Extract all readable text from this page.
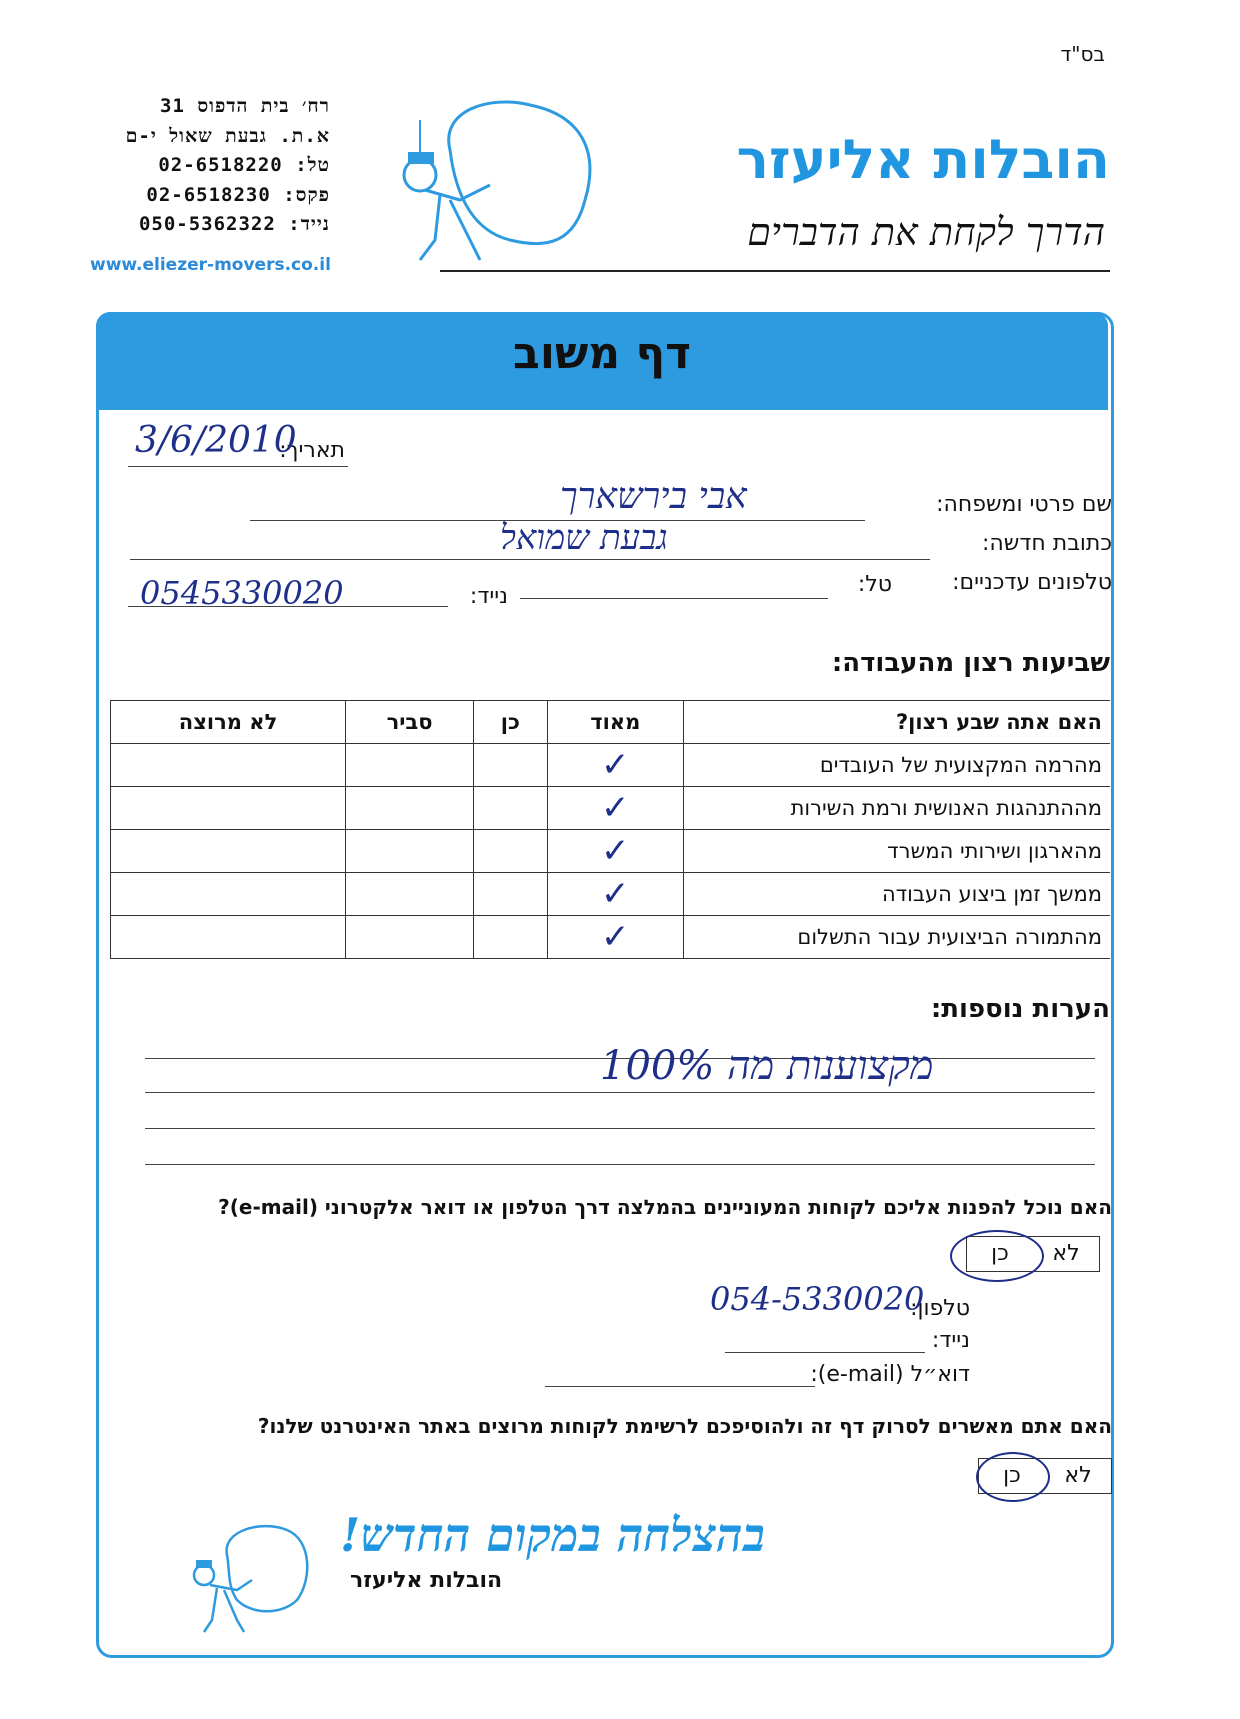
בס"ד
רח׳ בית הדפוס 31
א.ת. גבעת שאול י-ם
טל: 02-6518220
פקס: 02-6518230
נייד: 050-5362322
www.eliezer-movers.co.il
הובלות אליעזר
הדרך לקחת את הדברים
דף משוב
תאריך:
3/6/2010
שם פרטי ומשפחה:
אבי בירשארך
כתובת חדשה:
גבעת שמואל
טלפונים עדכניים:
טל:
נייד:
0545330020
שביעות רצון מהעבודה:
האם אתה שבע רצון?	מאוד	כן	סביר	לא מרוצה
מהרמה המקצועית של העובדים	✓			
מההתנהגות האנושית ורמת השירות	✓			
מהארגון ושירותי המשרד	✓			
ממשך זמן ביצוע העבודה	✓			
מהתמורה הביצועית עבור התשלום	✓			
הערות נוספות:
מקצוענות מה 100%
האם נוכל להפנות אליכם לקוחות המעוניינים בהמלצה דרך הטלפון או דואר אלקטרוני (e-mail)?
לאכן
טלפון:
054-5330020
נייד:
דוא״ל (e-mail):
האם אתם מאשרים לסרוק דף זה ולהוסיפכם לרשימת לקוחות מרוצים באתר האינטרנט שלנו?
לאכן
בהצלחה במקום החדש!
הובלות אליעזר
